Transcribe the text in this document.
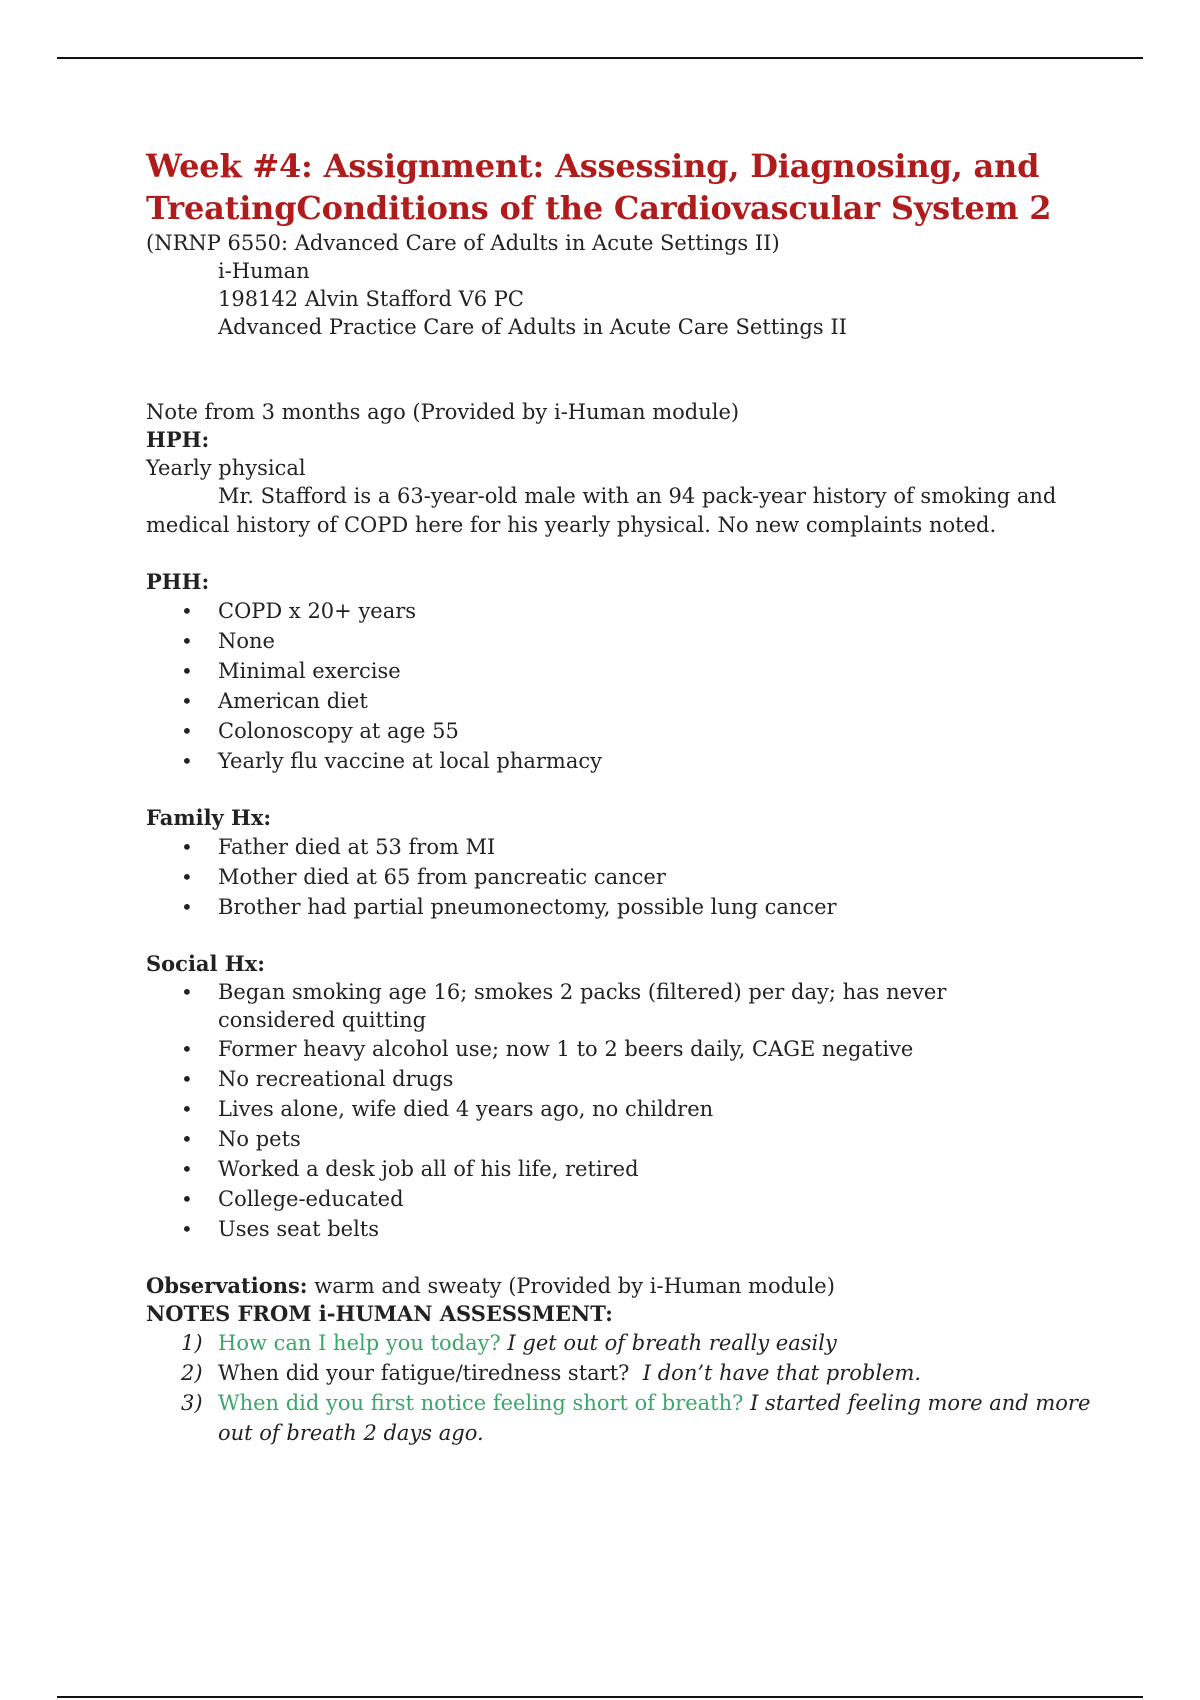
Week #4: Assignment: Assessing, Diagnosing, and
TreatingConditions of the Cardiovascular System 2

(NRNP 6550: Advanced Care of Adults in Acute Settings II)

i-Human

198142 Alvin Stafford V6 PC

Advanced Practice Care of Adults in Acute Care Settings II

Note from 3 months ago (Provided by i-Human module)

HPH:

Yearly physical

Mr. Stafford is a 63-year-old male with an 94 pack-year history of smoking and medical history of COPD here for his yearly physical. No new complaints noted.

PHH:

• COPD x 20+ years
• None
• Minimal exercise
• American diet
• Colonoscopy at age 55
• Yearly flu vaccine at local pharmacy

Family Hx:

• Father died at 53 from MI
• Mother died at 65 from pancreatic cancer
• Brother had partial pneumonectomy, possible lung cancer

Social Hx:

• Began smoking age 16; smokes 2 packs (filtered) per day; has never considered quitting
• Former heavy alcohol use; now 1 to 2 beers daily, CAGE negative
• No recreational drugs
• Lives alone, wife died 4 years ago, no children
• No pets
• Worked a desk job all of his life, retired
• College-educated
• Uses seat belts

Observations: warm and sweaty (Provided by i-Human module)

NOTES FROM i-HUMAN ASSESSMENT:

1) How can I help you today? I get out of breath really easily
2) When did your fatigue/tiredness start? I don’t have that problem.
3) When did you first notice feeling short of breath? I started feeling more and more out of breath 2 days ago.
